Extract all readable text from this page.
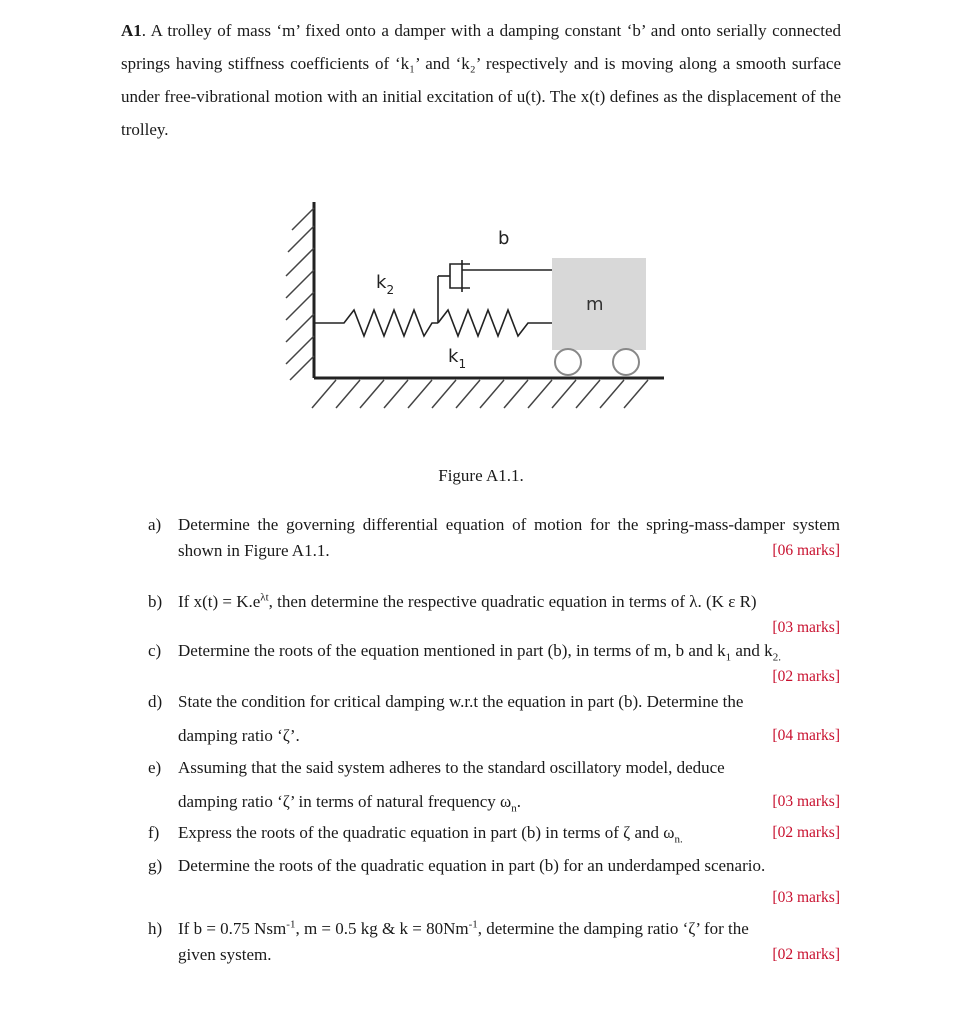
A1. A trolley of mass ‘m’ fixed onto a damper with a damping constant ‘b’ and onto serially connected springs having stiffness coefficients of ‘k₁’ and ‘k₂’ respectively and is moving along a smooth surface under free-vibrational motion with an initial excitation of u(t). The x(t) defines as the displacement of the trolley.

b
$k_2$
$k_1$
m
Figure A1.1.
a) Determine the governing differential equation of motion for the spring-mass-damper system shown in Figure A1.1.	[06 marks]
b) If $x(t) = K.e^{\lambda t}$, then determine the respective quadratic equation in terms of λ. (K ε R)
[03 marks]
c) Determine the roots of the equation mentioned in part (b), in terms of m, b and $k_1$ and $k_{2.}$
[02 marks]
d) State the condition for critical damping w.r.t the equation in part (b). Determine the
damping ratio ‘ζ’.	[04 marks]
e) Assuming that the said system adheres to the standard oscillatory model, deduce
damping ratio ‘ζ’ in terms of natural frequency $\omega_n$.	[03 marks]
f) Express the roots of the quadratic equation in part (b) in terms of ζ and $\omega_{n.}$	[02 marks]
g) Determine the roots of the quadratic equation in part (b) for an underdamped scenario.
[03 marks]
h) If b = 0.75 Nsm$^{-1}$, m = 0.5 kg & $k = 80Nm^{-1}$, determine the damping ratio ‘ζ’ for the
given system.	[02 marks]
